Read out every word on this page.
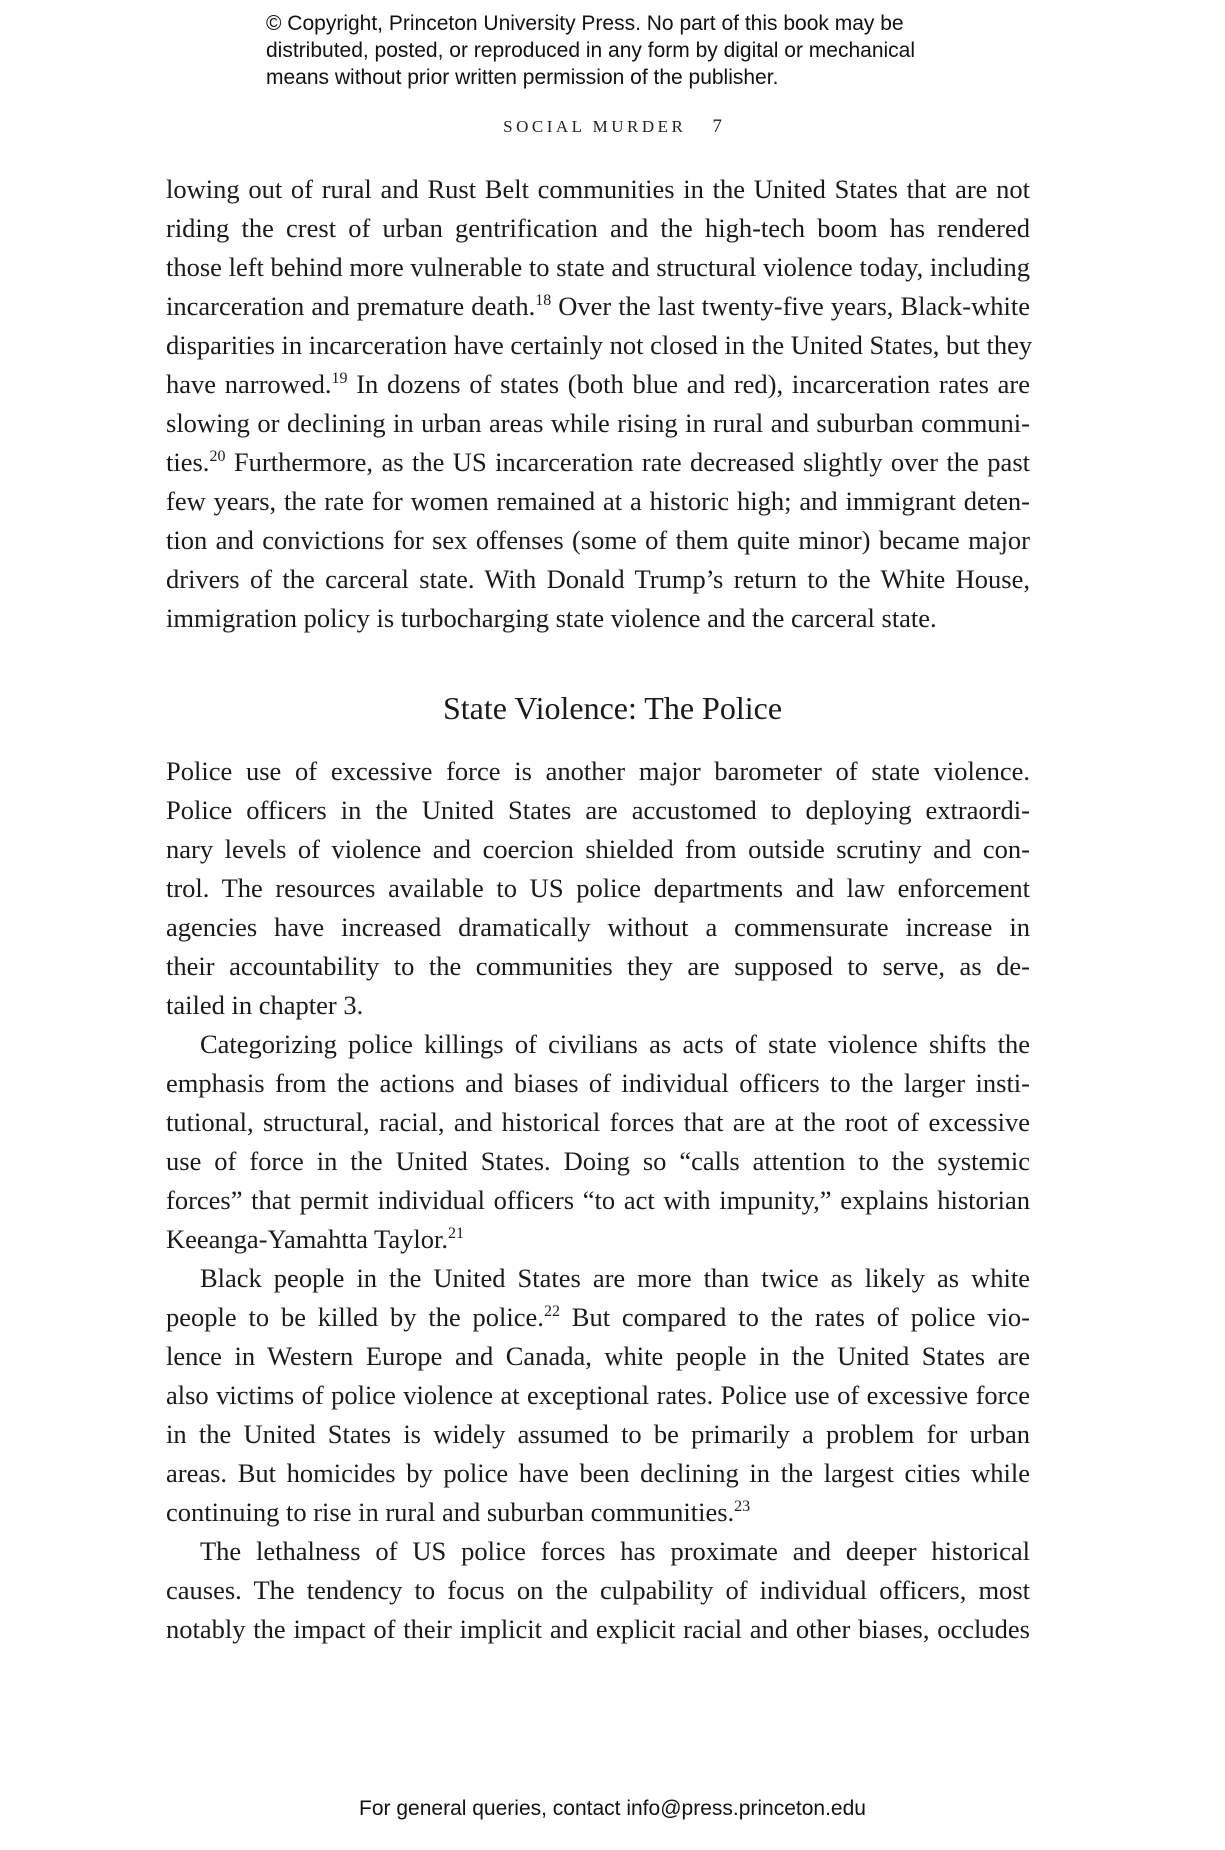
© Copyright, Princeton University Press. No part of this book may be
distributed, posted, or reproduced in any form by digital or mechanical
means without prior written permission of the publisher.
SOCIAL MURDER 7
lowing out of rural and Rust Belt communities in the United States that are not
riding the crest of urban gentrification and the high-tech boom has rendered
those left behind more vulnerable to state and structural violence today, including
incarceration and premature death.$^{18}$ Over the last twenty-five years, Black-white
disparities in incarceration have certainly not closed in the United States, but they
have narrowed.$^{19}$ In dozens of states (both blue and red), incarceration rates are
slowing or declining in urban areas while rising in rural and suburban communi-
ties.$^{20}$ Furthermore, as the US incarceration rate decreased slightly over the past
few years, the rate for women remained at a historic high; and immigrant deten-
tion and convictions for sex offenses (some of them quite minor) became major
drivers of the carceral state. With Donald Trump’s return to the White House,
immigration policy is turbocharging state violence and the carceral state.
State Violence: The Police
Police use of excessive force is another major barometer of state violence.
Police officers in the United States are accustomed to deploying extraordi-
nary levels of violence and coercion shielded from outside scrutiny and con-
trol. The resources available to US police departments and law enforcement
agencies have increased dramatically without a commensurate increase in
their accountability to the communities they are supposed to serve, as de-
tailed in chapter 3.
Categorizing police killings of civilians as acts of state violence shifts the
emphasis from the actions and biases of individual officers to the larger insti-
tutional, structural, racial, and historical forces that are at the root of excessive
use of force in the United States. Doing so “calls attention to the systemic
forces” that permit individual officers “to act with impunity,” explains historian
Keeanga-Yamahtta Taylor.$^{21}$
Black people in the United States are more than twice as likely as white
people to be killed by the police.$^{22}$ But compared to the rates of police vio-
lence in Western Europe and Canada, white people in the United States are
also victims of police violence at exceptional rates. Police use of excessive force
in the United States is widely assumed to be primarily a problem for urban
areas. But homicides by police have been declining in the largest cities while
continuing to rise in rural and suburban communities.$^{23}$
The lethalness of US police forces has proximate and deeper historical
causes. The tendency to focus on the culpability of individual officers, most
notably the impact of their implicit and explicit racial and other biases, occludes
For general queries, contact info@press.princeton.edu
